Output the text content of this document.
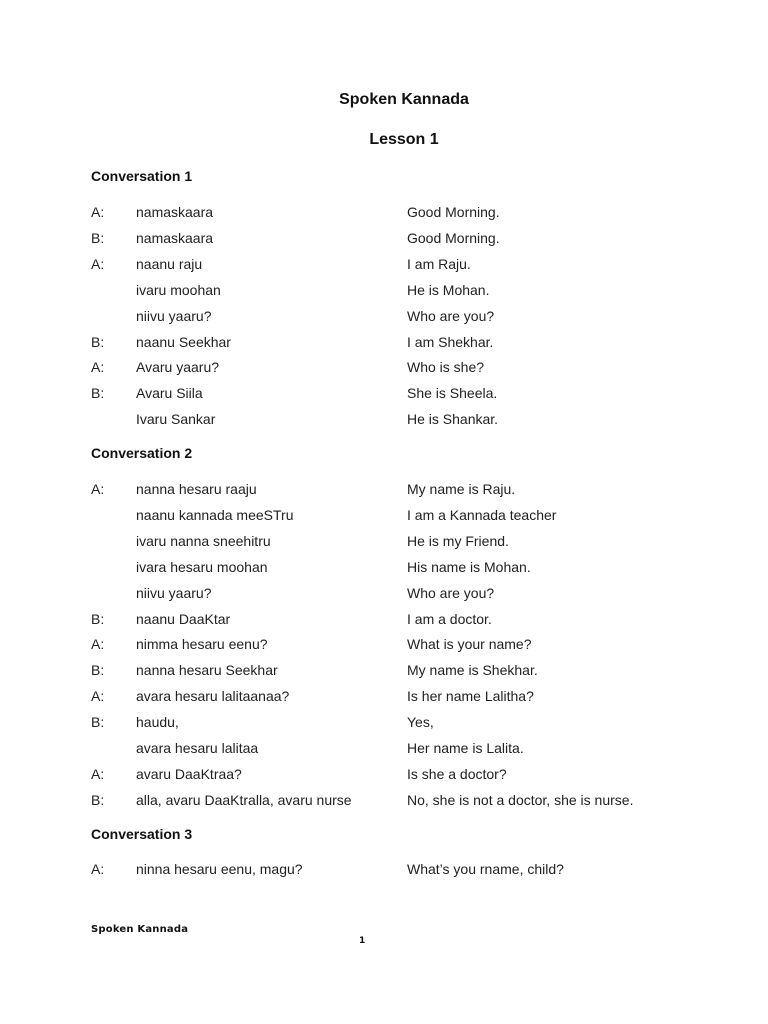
Spoken Kannada
Lesson 1
Conversation 1
A: namaskaara	Good Morning.
B: namaskaara	Good Morning.
A: naanu raju	I am Raju.
ivaru moohan	He is Mohan.
niivu yaaru?	Who are you?
B: naanu Seekhar	I am Shekhar.
A: Avaru yaaru?	Who is she?
B: Avaru Siila	She is Sheela.
Ivaru Sankar	He is Shankar.
Conversation 2
A: nanna hesaru raaju	My name is Raju.
naanu kannada meeSTru	I am a Kannada teacher
ivaru nanna sneehitru	He is my Friend.
ivara hesaru moohan	His name is Mohan.
niivu yaaru?	Who are you?
B: naanu DaaKtar	I am a doctor.
A: nimma hesaru eenu?	What is your name?
B: nanna hesaru Seekhar	My name is Shekhar.
A: avara hesaru lalitaanaa?	Is her name Lalitha?
B: haudu,	Yes,
avara hesaru lalitaa	Her name is Lalita.
A: avaru DaaKtraa?	Is she a doctor?
B: alla, avaru DaaKtralla, avaru nurse	No, she is not a doctor, she is nurse.
Conversation 3
A: ninna hesaru eenu, magu?	What’s you rname, child?
Spoken Kannada
1
